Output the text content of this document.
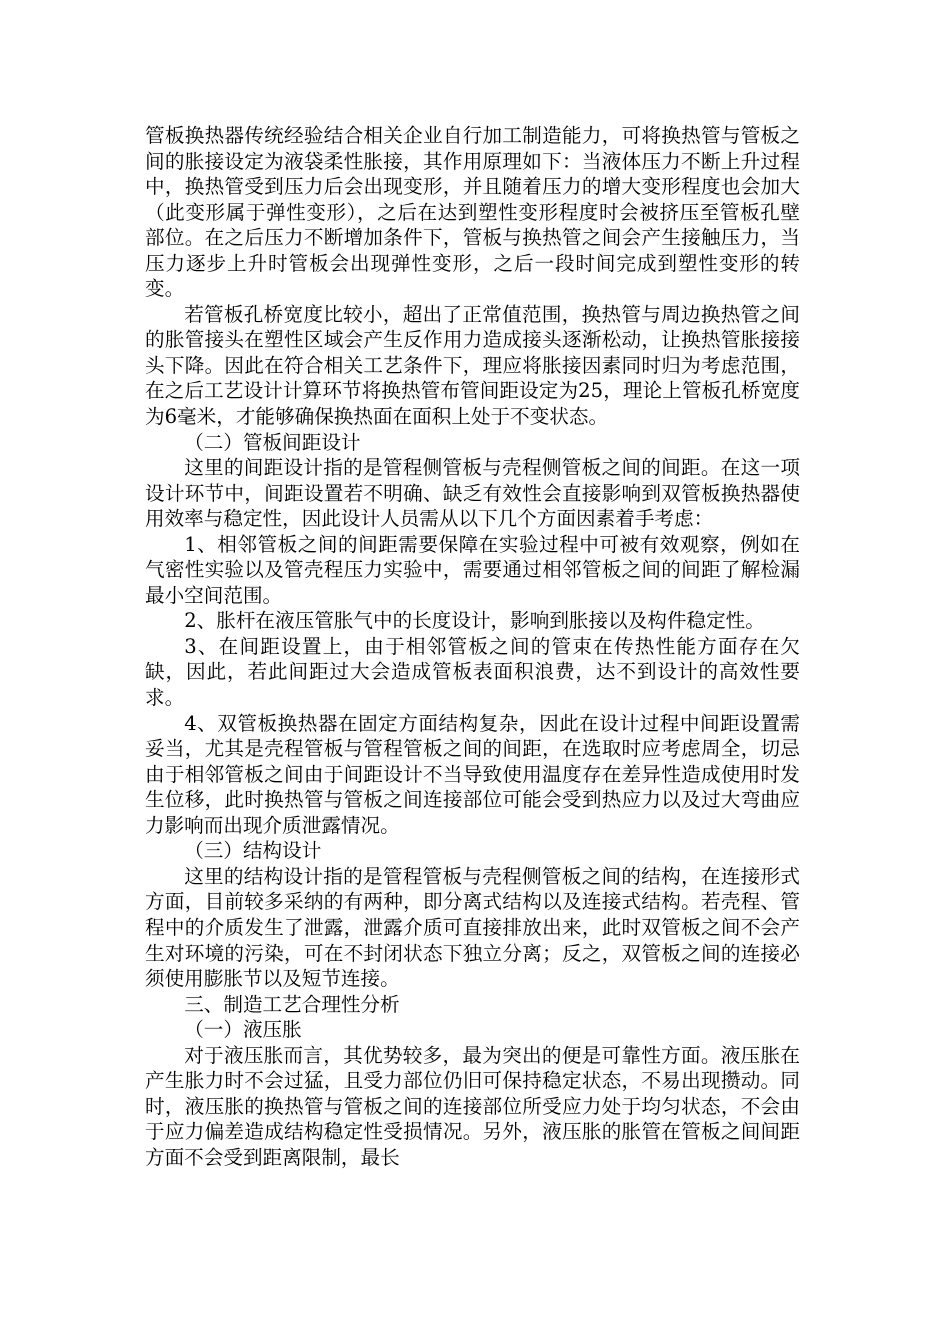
管板换热器传统经验结合相关企业自行加工制造能力，可将换热管与管板之间的胀接设定为液袋柔性胀接，其作用原理如下：当液体压力不断上升过程中，换热管受到压力后会出现变形，并且随着压力的增大变形程度也会加大（此变形属于弹性变形），之后在达到塑性变形程度时会被挤压至管板孔壁部位。在之后压力不断增加条件下，管板与换热管之间会产生接触压力，当压力逐步上升时管板会出现弹性变形，之后一段时间完成到塑性变形的转变。

若管板孔桥宽度比较小，超出了正常值范围，换热管与周边换热管之间的胀管接头在塑性区域会产生反作用力造成接头逐渐松动，让换热管胀接接头下降。因此在符合相关工艺条件下，理应将胀接因素同时归为考虑范围，在之后工艺设计计算环节将换热管布管间距设定为25，理论上管板孔桥宽度为6毫米，才能够确保换热面在面积上处于不变状态。

（二）管板间距设计

这里的间距设计指的是管程侧管板与壳程侧管板之间的间距。在这一项设计环节中，间距设置若不明确、缺乏有效性会直接影响到双管板换热器使用效率与稳定性，因此设计人员需从以下几个方面因素着手考虑：

1、相邻管板之间的间距需要保障在实验过程中可被有效观察，例如在气密性实验以及管壳程压力实验中，需要通过相邻管板之间的间距了解检漏最小空间范围。

2、胀杆在液压管胀气中的长度设计，影响到胀接以及构件稳定性。

3、在间距设置上，由于相邻管板之间的管束在传热性能方面存在欠缺，因此，若此间距过大会造成管板表面积浪费，达不到设计的高效性要求。

4、双管板换热器在固定方面结构复杂，因此在设计过程中间距设置需妥当，尤其是壳程管板与管程管板之间的间距，在选取时应考虑周全，切忌由于相邻管板之间由于间距设计不当导致使用温度存在差异性造成使用时发生位移，此时换热管与管板之间连接部位可能会受到热应力以及过大弯曲应力影响而出现介质泄露情况。

（三）结构设计

这里的结构设计指的是管程管板与壳程侧管板之间的结构，在连接形式方面，目前较多采纳的有两种，即分离式结构以及连接式结构。若壳程、管程中的介质发生了泄露，泄露介质可直接排放出来，此时双管板之间不会产生对环境的污染，可在不封闭状态下独立分离；反之，双管板之间的连接必须使用膨胀节以及短节连接。

三、制造工艺合理性分析

（一）液压胀

对于液压胀而言，其优势较多，最为突出的便是可靠性方面。液压胀在产生胀力时不会过猛，且受力部位仍旧可保持稳定状态，不易出现攒动。同时，液压胀的换热管与管板之间的连接部位所受应力处于均匀状态，不会由于应力偏差造成结构稳定性受损情况。另外，液压胀的胀管在管板之间间距方面不会受到距离限制，最长
